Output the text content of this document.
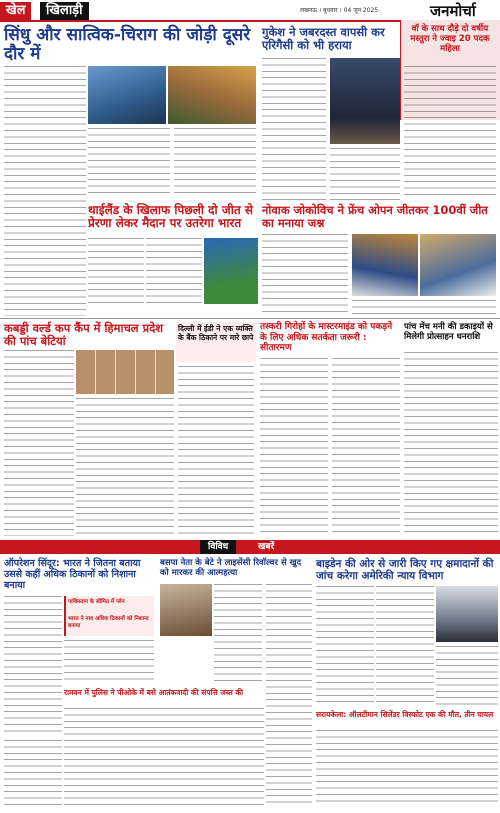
खेल	खिलाड़ी	लखनऊ । बुधवार । 04 जून 2025	जनमोर्चा
सिंधु और सात्विक-चिराग की जोड़ी दूसरे दौर में
गुकेश ने जबरदस्त वापसी कर एरिगैसी को भी हराया
वॉ के साथ दौड़े दो वर्षीय मस्तुरा ने ज्वाइ 20 पदक महिला
थाईलैंड के खिलाफ पिछली दो जीत से प्रेरणा लेकर मैदान पर उतरेगा भारत
नोवाक जोकोविच ने फ्रेंच ओपन जीतकर 100वीं जीत का मनाया जश्न
कबड्डी वर्ल्ड कप कैंप में हिमाचल प्रदेश की पांच बेटियां
दिल्ली में ईडी ने एक व्यक्ति के बैंक ठिकाने पर मारे छापे
तस्करी गिरोहों के मास्टरमाइंड को पकड़ने के लिए अधिक सतर्कता जरूरी : सीतारमण
पांच मेंच मनी की डकाइयों से मिलेगी प्रोत्साहन धनराशि
विविध	खबरें
ऑपरेशन सिंदूर: भारत ने जितना बताया उससे कहीं अधिक ठिकानों को निशाना बनाया
पाकिस्तान के सीमित में प्लेन
भारत ने नाव अधिक ठिकानों को निशाना बनाया
रामवन में पुलिस ने पीओके में बसे आतंकवादी की संपत्ति जब्त की
बसपा नेता के बेटे ने लाइसेंसी रिवॉल्वर से खुद को मारकर की आत्महत्या
बाइडेन की ओर से जारी किए गए क्षमादानों की जांच करेगा अमेरिकी न्याय विभाग
सरायकेला: ऑलटीमान सिलेंडर विस्फोट एक की मौत, तीन घायल
